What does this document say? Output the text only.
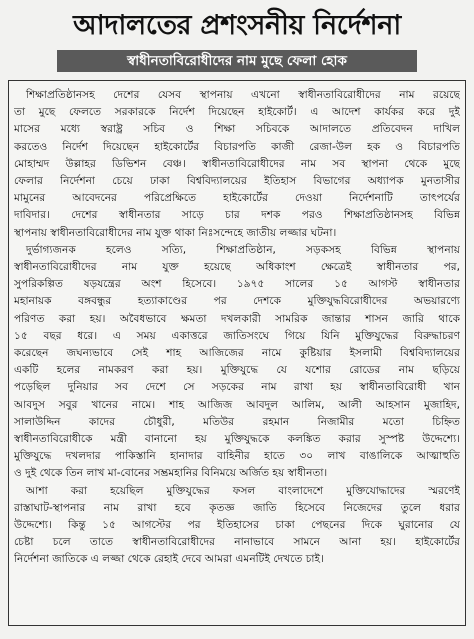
আদালতের প্রশংসনীয় নির্দেশনা
স্বাধীনতাবিরোধীদের নাম মুছে ফেলা হোক
শিক্ষাপ্রতিষ্ঠানসহ দেশের যেসব স্থাপনায় এখনো স্বাধীনতাবিরোধীদের নাম রয়েছে
তা মুছে ফেলতে সরকারকে নির্দেশ দিয়েছেন হাইকোর্ট। এ আদেশ কার্যকর করে দুই
মাসের মধ্যে স্বরাষ্ট্র সচিব ও শিক্ষা সচিবকে আদালতে প্রতিবেদন দাখিল
করতেও নির্দেশ দিয়েছেন হাইকোর্টের বিচারপতি কাজী রেজা-উল হক ও বিচারপতি
মোহাম্মদ উল্লাহর ডিভিশন বেঞ্চ। স্বাধীনতাবিরোধীদের নাম সব স্থাপনা থেকে মুছে
ফেলার নির্দেশনা চেয়ে ঢাকা বিশ্ববিদ্যালয়ের ইতিহাস বিভাগের অধ্যাপক মুনতাসীর
মামুনের আবেদনের পরিপ্রেক্ষিতে হাইকোর্টের দেওয়া নির্দেশনাটি তাৎপর্যের
দাবিদার। দেশের স্বাধীনতার সাড়ে চার দশক পরও শিক্ষাপ্রতিষ্ঠানসহ বিভিন্ন
স্থাপনায় স্বাধীনতাবিরোধীদের নাম যুক্ত থাকা নিঃসন্দেহে জাতীয় লজ্জার ঘটনা।
দুর্ভাগ্যজনক হলেও সত্যি, শিক্ষাপ্রতিষ্ঠান, সড়কসহ বিভিন্ন স্থাপনায়
স্বাধীনতাবিরোধীদের নাম যুক্ত হয়েছে অধিকাংশ ক্ষেত্রেই স্বাধীনতার পর,
সুপরিকল্পিত ষড়যন্ত্রের অংশ হিসেবে। ১৯৭৫ সালের ১৫ আগস্ট স্বাধীনতার
মহানায়ক বঙ্গবন্ধুর হত্যাকাণ্ডের পর দেশকে মুক্তিযুদ্ধবিরোধীদের অভয়ারণ্যে
পরিণত করা হয়। অবৈধভাবে ক্ষমতা দখলকারী সামরিক জান্তার শাসন জারি থাকে
১৫ বছর ধরে। এ সময় একাত্তরে জাতিসংঘে গিয়ে যিনি মুক্তিযুদ্ধের বিরুদ্ধাচরণ
করেছেন জঘন্যভাবে সেই শাহ আজিজের নামে কুষ্টিয়ার ইসলামী বিশ্ববিদ্যালয়ের
একটি হলের নামকরণ করা হয়। মুক্তিযুদ্ধে যে যশোর রোডের নাম ছড়িয়ে
পড়েছিল দুনিয়ার সব দেশে সে সড়কের নাম রাখা হয় স্বাধীনতাবিরোধী খান
আবদুস সবুর খানের নামে। শাহ আজিজ আবদুল আলিম, আলী আহসান মুজাহিদ,
সালাউদ্দিন কাদের চৌধুরী, মতিউর রহমান নিজামীর মতো চিহ্নিত
স্বাধীনতাবিরোধীকে মন্ত্রী বানানো হয় মুক্তিযুদ্ধকে কলঙ্কিত করার সুস্পষ্ট উদ্দেশ্যে।
মুক্তিযুদ্ধে দখলদার পাকিস্তানি হানাদার বাহিনীর হাতে ৩০ লাখ বাঙালিকে আত্মাহুতি
ও দুই থেকে তিন লাখ মা-বোনের সম্ভ্রমহানির বিনিময়ে অর্জিত হয় স্বাধীনতা।
আশা করা হয়েছিল মুক্তিযুদ্ধের ফসল বাংলাদেশে মুক্তিযোদ্ধাদের স্মরণেই
রাস্তাঘাট-স্থাপনার নাম রাখা হবে কৃতজ্ঞ জাতি হিসেবে নিজেদের তুলে ধরার
উদ্দেশ্যে। কিন্তু ১৫ আগস্টের পর ইতিহাসের চাকা পেছনের দিকে ঘুরানোর যে
চেষ্টা চলে তাতে স্বাধীনতাবিরোধীদের নানাভাবে সামনে আনা হয়। হাইকোর্টের
নির্দেশনা জাতিকে এ লজ্জা থেকে রেহাই দেবে আমরা এমনটিই দেখতে চাই।
